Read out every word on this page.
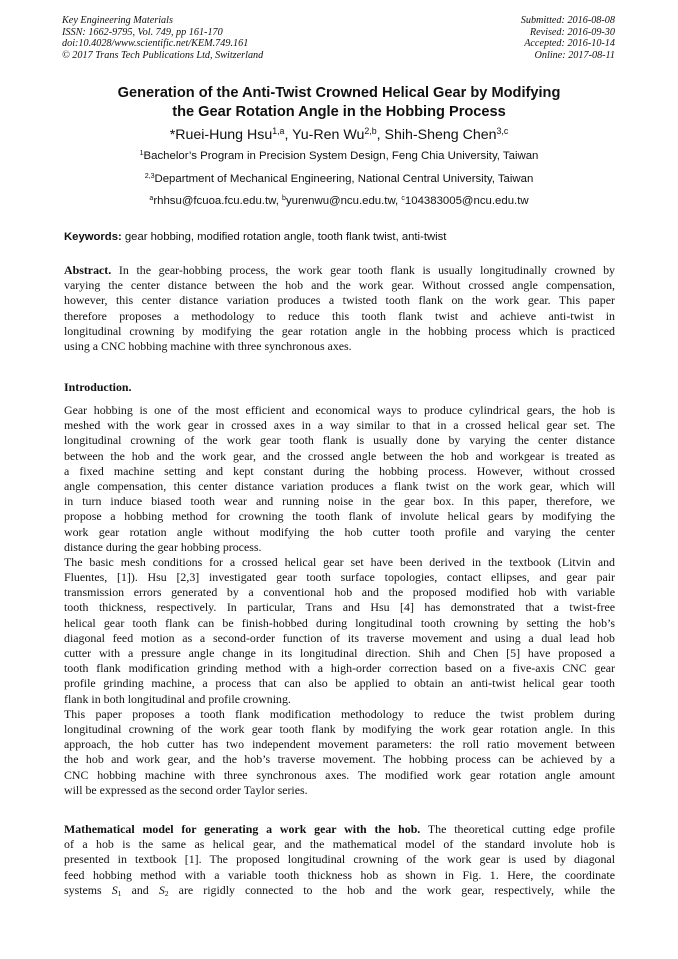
Key Engineering Materials
ISSN: 1662-9795, Vol. 749, pp 161-170
doi:10.4028/www.scientific.net/KEM.749.161
© 2017 Trans Tech Publications Ltd, Switzerland
Submitted: 2016-08-08
Revised: 2016-09-30
Accepted: 2016-10-14
Online: 2017-08-11
Generation of the Anti-Twist Crowned Helical Gear by Modifying
the Gear Rotation Angle in the Hobbing Process
*Ruei-Hung Hsu$^{1,a}$, Yu-Ren Wu$^{2,b}$, Shih-Sheng Chen$^{3,c}$
$^1$Bachelor’s Program in Precision System Design, Feng Chia University, Taiwan
$^{2,3}$Department of Mechanical Engineering, National Central University, Taiwan
$^a$rhhsu@fcuoa.fcu.edu.tw, $^b$yurenwu@ncu.edu.tw, $^c$104383005@ncu.edu.tw
Keywords: gear hobbing, modified rotation angle, tooth flank twist, anti-twist
Abstract. In the gear-hobbing process, the work gear tooth flank is usually longitudinally crowned by
varying the center distance between the hob and the work gear. Without crossed angle compensation,
however, this center distance variation produces a twisted tooth flank on the work gear. This paper
therefore proposes a methodology to reduce this tooth flank twist and achieve anti-twist in
longitudinal crowning by modifying the gear rotation angle in the hobbing process which is practiced
using a CNC hobbing machine with three synchronous axes.
Introduction.
Gear hobbing is one of the most efficient and economical ways to produce cylindrical gears, the hob is
meshed with the work gear in crossed axes in a way similar to that in a crossed helical gear set. The
longitudinal crowning of the work gear tooth flank is usually done by varying the center distance
between the hob and the work gear, and the crossed angle between the hob and workgear is treated as
a fixed machine setting and kept constant during the hobbing process. However, without crossed
angle compensation, this center distance variation produces a flank twist on the work gear, which will
in turn induce biased tooth wear and running noise in the gear box. In this paper, therefore, we
propose a hobbing method for crowning the tooth flank of involute helical gears by modifying the
work gear rotation angle without modifying the hob cutter tooth profile and varying the center
distance during the gear hobbing process.
The basic mesh conditions for a crossed helical gear set have been derived in the textbook (Litvin and
Fluentes, [1]). Hsu [2,3] investigated gear tooth surface topologies, contact ellipses, and gear pair
transmission errors generated by a conventional hob and the proposed modified hob with variable
tooth thickness, respectively. In particular, Trans and Hsu [4] has demonstrated that a twist-free
helical gear tooth flank can be finish-hobbed during longitudinal tooth crowning by setting the hob’s
diagonal feed motion as a second-order function of its traverse movement and using a dual lead hob
cutter with a pressure angle change in its longitudinal direction. Shih and Chen [5] have proposed a
tooth flank modification grinding method with a high-order correction based on a five-axis CNC gear
profile grinding machine, a process that can also be applied to obtain an anti-twist helical gear tooth
flank in both longitudinal and profile crowning.
This paper proposes a tooth flank modification methodology to reduce the twist problem during
longitudinal crowning of the work gear tooth flank by modifying the work gear rotation angle. In this
approach, the hob cutter has two independent movement parameters: the roll ratio movement between
the hob and work gear, and the hob’s traverse movement. The hobbing process can be achieved by a
CNC hobbing machine with three synchronous axes. The modified work gear rotation angle amount
will be expressed as the second order Taylor series.
Mathematical model for generating a work gear with the hob. The theoretical cutting edge profile
of a hob is the same as helical gear, and the mathematical model of the standard involute hob is
presented in textbook [1]. The proposed longitudinal crowning of the work gear is used by diagonal
feed hobbing method with a variable tooth thickness hob as shown in Fig. 1. Here, the coordinate
systems $S_1$ and $S_2$ are rigidly connected to the hob and the work gear, respectively, while the
